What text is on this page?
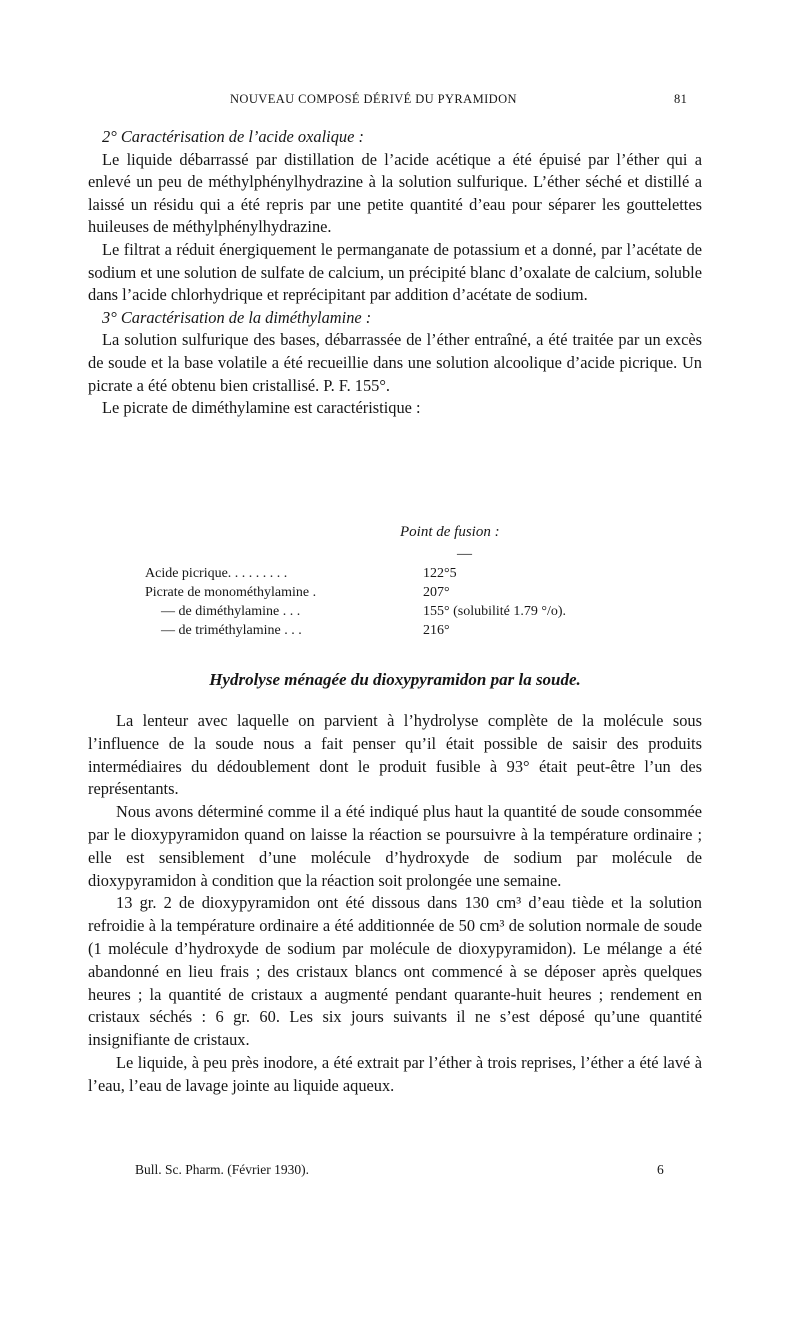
NOUVEAU COMPOSÉ DÉRIVÉ DU PYRAMIDON	81

2° Caractérisation de l’acide oxalique :

Le liquide débarrassé par distillation de l’acide acétique a été épuisé par l’éther qui a enlevé un peu de méthylphénylhydrazine à la solution sulfurique. L’éther séché et distillé a laissé un résidu qui a été repris par une petite quantité d’eau pour séparer les gouttelettes huileuses de méthylphénylhydrazine.

Le filtrat a réduit énergiquement le permanganate de potassium et a donné, par l’acétate de sodium et une solution de sulfate de calcium, un précipité blanc d’oxalate de calcium, soluble dans l’acide chlorhydrique et reprécipitant par addition d’acétate de sodium.

3° Caractérisation de la diméthylamine :

La solution sulfurique des bases, débarrassée de l’éther entraîné, a été traitée par un excès de soude et la base volatile a été recueillie dans une solution alcoolique d’acide picrique. Un picrate a été obtenu bien cristallisé. P. F. 155°.

Le picrate de diméthylamine est caractéristique :

Point de fusion :
—
Acide picrique. . . . . . . . .	122°5
Picrate de monométhylamine .	207°
— de diméthylamine . . .	155° (solubilité 1.79 °/o).
— de triméthylamine . . .	216°
Hydrolyse ménagée du dioxypyramidon par la soude.

La lenteur avec laquelle on parvient à l’hydrolyse complète de la molécule sous l’influence de la soude nous a fait penser qu’il était possible de saisir des produits intermédiaires du dédoublement dont le produit fusible à 93° était peut-être l’un des représentants.

Nous avons déterminé comme il a été indiqué plus haut la quantité de soude consommée par le dioxypyramidon quand on laisse la réaction se poursuivre à la température ordinaire ; elle est sensiblement d’une molécule d’hydroxyde de sodium par molécule de dioxypyramidon à condition que la réaction soit prolongée une semaine.

13 gr. 2 de dioxypyramidon ont été dissous dans 130 cm³ d’eau tiède et la solution refroidie à la température ordinaire a été additionnée de 50 cm³ de solution normale de soude (1 molécule d’hydroxyde de sodium par molécule de dioxypyramidon). Le mélange a été abandonné en lieu frais ; des cristaux blancs ont commencé à se déposer après quelques heures ; la quantité de cristaux a augmenté pendant quarante-huit heures ; rendement en cristaux séchés : 6 gr. 60. Les six jours suivants il ne s’est déposé qu’une quantité insignifiante de cristaux.

Le liquide, à peu près inodore, a été extrait par l’éther à trois reprises, l’éther a été lavé à l’eau, l’eau de lavage jointe au liquide aqueux.

Bull. Sc. Pharm. (Février 1930).	6
